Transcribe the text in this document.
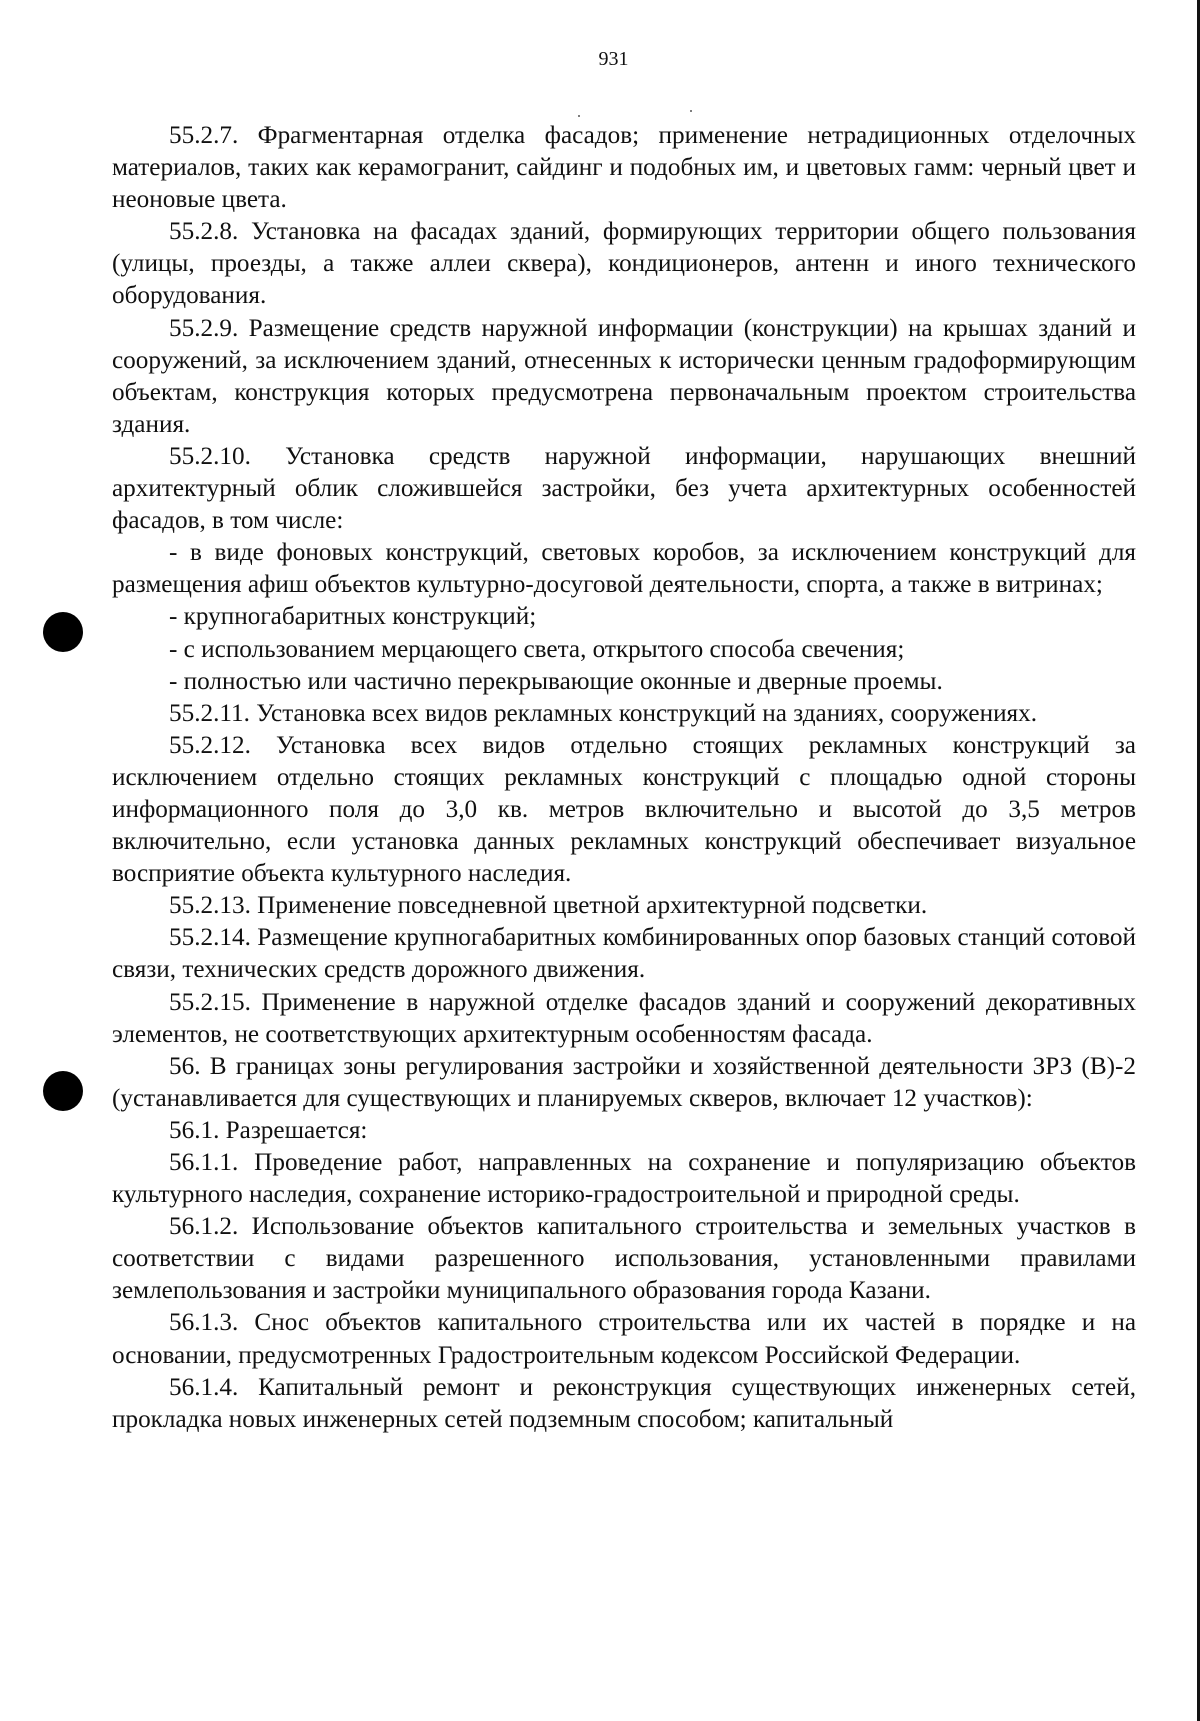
931

55.2.7. Фрагментарная отделка фасадов; применение нетрадиционных отделочных материалов, таких как керамогранит, сайдинг и подобных им, и цветовых гамм: черный цвет и неоновые цвета.

55.2.8. Установка на фасадах зданий, формирующих территории общего пользования (улицы, проезды, а также аллеи сквера), кондиционеров, антенн и иного технического оборудования.

55.2.9. Размещение средств наружной информации (конструкции) на крышах зданий и сооружений, за исключением зданий, отнесенных к исторически ценным градоформирующим объектам, конструкция которых предусмотрена первоначальным проектом строительства здания.

55.2.10. Установка средств наружной информации, нарушающих внешний архитектурный облик сложившейся застройки, без учета архитектурных особенностей фасадов, в том числе:

- в виде фоновых конструкций, световых коробов, за исключением конструкций для размещения афиш объектов культурно-досуговой деятельности, спорта, а также в витринах;

- крупногабаритных конструкций;

- с использованием мерцающего света, открытого способа свечения;

- полностью или частично перекрывающие оконные и дверные проемы.

55.2.11. Установка всех видов рекламных конструкций на зданиях, сооружениях.

55.2.12. Установка всех видов отдельно стоящих рекламных конструкций за исключением отдельно стоящих рекламных конструкций с площадью одной стороны информационного поля до 3,0 кв. метров включительно и высотой до 3,5 метров включительно, если установка данных рекламных конструкций обеспечивает визуальное восприятие объекта культурного наследия.

55.2.13. Применение повседневной цветной архитектурной подсветки.

55.2.14. Размещение крупногабаритных комбинированных опор базовых станций сотовой связи, технических средств дорожного движения.

55.2.15. Применение в наружной отделке фасадов зданий и сооружений декоративных элементов, не соответствующих архитектурным особенностям фасада.

56. В границах зоны регулирования застройки и хозяйственной деятельности ЗРЗ (В)-2 (устанавливается для существующих и планируемых скверов, включает 12 участков):

56.1. Разрешается:

56.1.1. Проведение работ, направленных на сохранение и популяризацию объектов культурного наследия, сохранение историко-градостроительной и природной среды.

56.1.2. Использование объектов капитального строительства и земельных участков в соответствии с видами разрешенного использования, установленными правилами землепользования и застройки муниципального образования города Казани.

56.1.3. Снос объектов капитального строительства или их частей в порядке и на основании, предусмотренных Градостроительным кодексом Российской Федерации.

56.1.4. Капитальный ремонт и реконструкция существующих инженерных сетей, прокладка новых инженерных сетей подземным способом; капитальный
